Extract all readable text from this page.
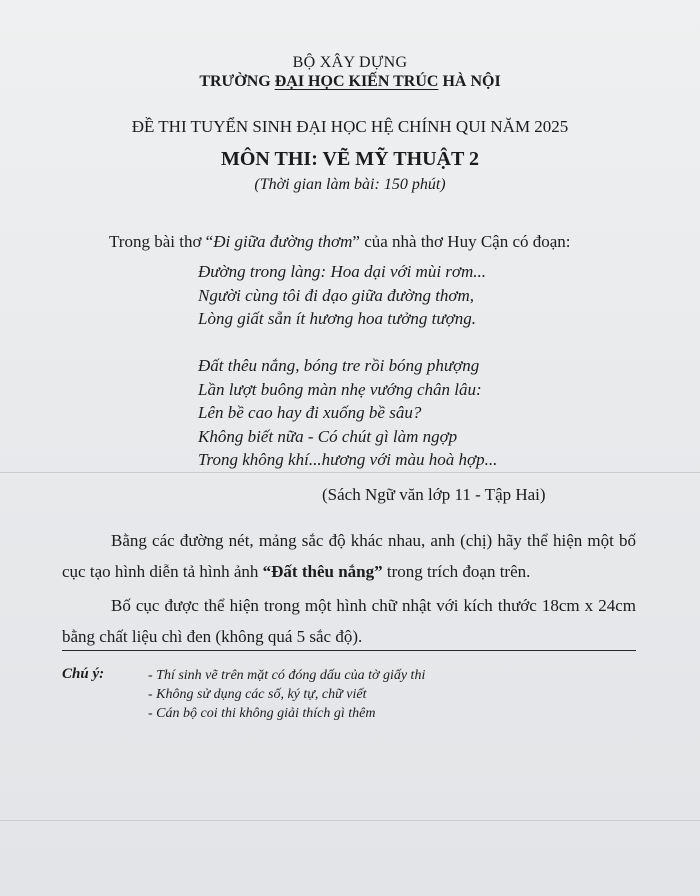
BỘ XÂY DỰNG
TRƯỜNG ĐẠI HỌC KIẾN TRÚC HÀ NỘI
ĐỀ THI TUYỂN SINH ĐẠI HỌC HỆ CHÍNH QUI NĂM 2025
MÔN THI: VẼ MỸ THUẬT 2
(Thời gian làm bài: 150 phút)
Trong bài thơ “Đi giữa đường thơm” của nhà thơ Huy Cận có đoạn:
Đường trong làng: Hoa dại với mùi rơm...
Người cùng tôi đi dạo giữa đường thơm,
Lòng giất sẵn ít hương hoa tưởng tượng.
Đất thêu nắng, bóng tre rồi bóng phượng
Lần lượt buông màn nhẹ vướng chân lâu:
Lên bề cao hay đi xuống bề sâu?
Không biết nữa - Có chút gì làm ngợp
Trong không khí...hương với màu hoà hợp...
(Sách Ngữ văn lớp 11 - Tập Hai)
Bằng các đường nét, mảng sắc độ khác nhau, anh (chị) hãy thể hiện một bố cục tạo hình diễn tả hình ảnh “Đất thêu nắng” trong trích đoạn trên.
Bố cục được thể hiện trong một hình chữ nhật với kích thước 18cm x 24cm bằng chất liệu chì đen (không quá 5 sắc độ).
Chú ý:	- Thí sinh vẽ trên mặt có đóng dấu của tờ giấy thi
- Không sử dụng các số, ký tự, chữ viết
- Cán bộ coi thi không giải thích gì thêm
